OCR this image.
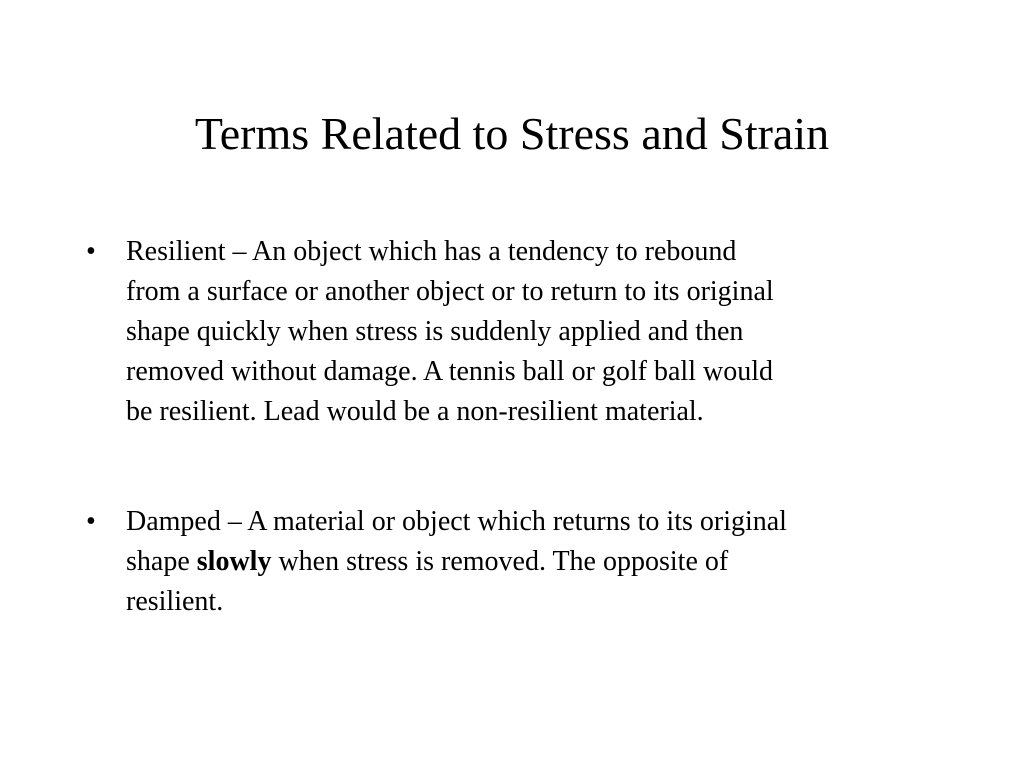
Terms Related to Stress and Strain
• Resilient – An object which has a tendency to rebound
from a surface or another object or to return to its original
shape quickly when stress is suddenly applied and then
removed without damage. A tennis ball or golf ball would
be resilient. Lead would be a non-resilient material.
• Damped – A material or object which returns to its original
shape slowly when stress is removed. The opposite of
resilient.
